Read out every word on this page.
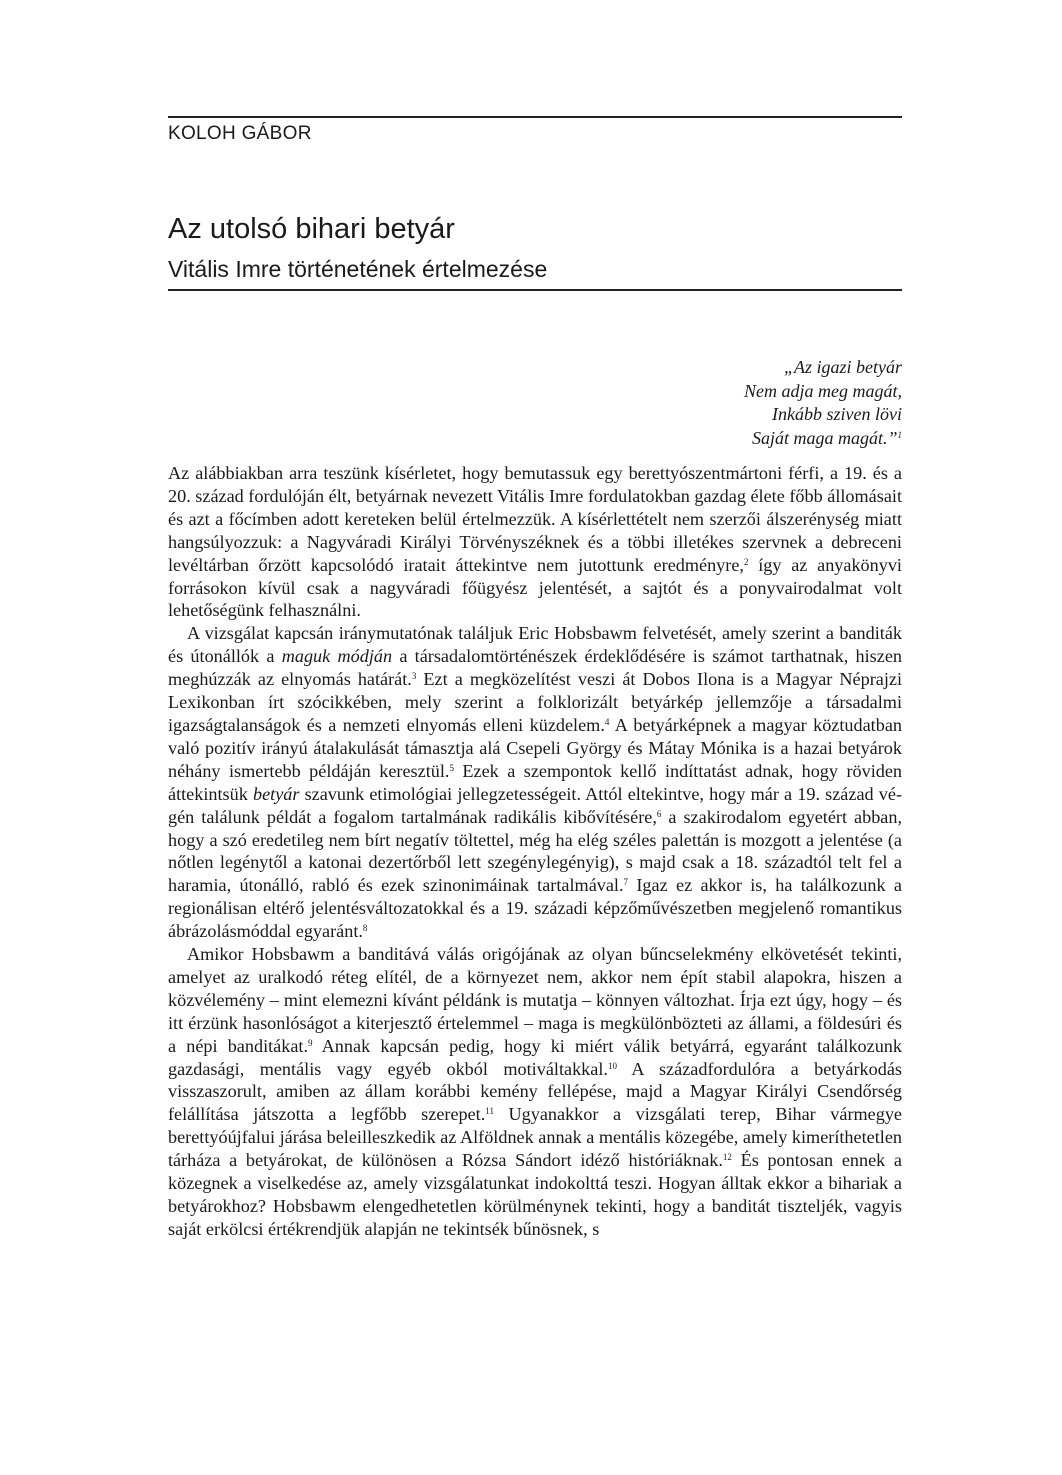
KOLOH GÁBOR
Az utolsó bihari betyár
Vitális Imre történetének értelmezése
„Az igazi betyár
Nem adja meg magát,
Inkább sziven lövi
Saját maga magát.”$^1$

Az alábbiakban arra teszünk kísérletet, hogy bemutassuk egy berettyószentmártoni férfi, a 19. és a 20. század fordulóján élt, betyárnak nevezett Vitális Imre fordulatokban gazdag élete főbb állomásait és azt a főcímben adott kereteken belül értelmezzük. A kísérlettételt nem szerzői álszerénység miatt hangsúlyozzuk: a Nagyváradi Királyi Törvényszéknek és a többi illetékes szervnek a debreceni levéltárban őrzött kapcsolódó iratait áttekintve nem jutottunk eredményre,$^2$ így az anyakönyvi forrásokon kívül csak a nagyváradi főügyész jelentését, a sajtót és a ponyvairodalmat volt lehetőségünk felhasználni.

A vizsgálat kapcsán iránymutatónak találjuk Eric Hobsbawm felvetését, amely szerint a banditák és útonállók a maguk módján a társadalomtörténészek érdeklődésére is számot tarthatnak, hiszen meghúzzák az elnyomás határát.$^3$ Ezt a megközelítést veszi át Dobos Ilona is a Magyar Néprajzi Lexikonban írt szócikkében, mely szerint a folklorizált betyárkép jellemzője a társadalmi igazságtalanságok és a nemzeti elnyomás elleni küzdelem.$^4$ A betyárképnek a magyar köztudatban való pozitív irányú átalakulását támasztja alá Csepeli György és Mátay Mónika is a hazai betyárok néhány ismertebb példáján keresztül.$^5$ Ezek a szempontok kellő indíttatást adnak, hogy röviden áttekintsük betyár szavunk etimológiai jellegzetességeit. Attól eltekintve, hogy már a 19. század végén találunk példát a fogalom tartalmának radikális kibővítésére,$^6$ a szakirodalom egyetért abban, hogy a szó eredetileg nem bírt negatív töltettel, még ha elég széles palettán is mozgott a jelentése (a nőtlen legénytől a katonai dezertőrből lett szegénylegényig), s majd csak a 18. századtól telt fel a haramia, útonálló, rabló és ezek szinonimáinak tartalmával.$^7$ Igaz ez akkor is, ha találkozunk a regionálisan eltérő jelentésváltozatokkal és a 19. századi képzőművészetben megjelenő romantikus ábrázolásmóddal egyaránt.$^8$

Amikor Hobsbawm a banditává válás origójának az olyan bűncselekmény elkövetését tekinti, amelyet az uralkodó réteg elítél, de a környezet nem, akkor nem épít stabil alapokra, hiszen a közvélemény – mint elemezni kívánt példánk is mutatja – könnyen változhat. Írja ezt úgy, hogy – és itt érzünk hasonlóságot a kiterjesztő értelemmel – maga is megkülönbözteti az állami, a földesúri és a népi banditákat.$^9$ Annak kapcsán pedig, hogy ki miért válik betyárrá, egyaránt találkozunk gazdasági, mentális vagy egyéb okból motiváltakkal.$^{10}$ A századfordulóra a betyárkodás visszaszorult, amiben az állam korábbi kemény fellépése, majd a Magyar Királyi Csendőrség felállítása játszotta a legfőbb szerepet.$^{11}$ Ugyanakkor a vizsgálati terep, Bihar vármegye berettyóújfalui járása beleilleszkedik az Alföldnek annak a mentális közegébe, amely kimeríthetetlen tárháza a betyárokat, de különösen a Rózsa Sándort idéző históriáknak.$^{12}$ És pontosan ennek a közegnek a viselkedése az, amely vizsgálatunkat indokolttá teszi. Hogyan álltak ekkor a bihariak a betyárokhoz? Hobsbawm elengedhetetlen körülménynek tekinti, hogy a banditát tiszteljék, vagyis saját erkölcsi értékrendjük alapján ne tekintsék bűnösnek, s
